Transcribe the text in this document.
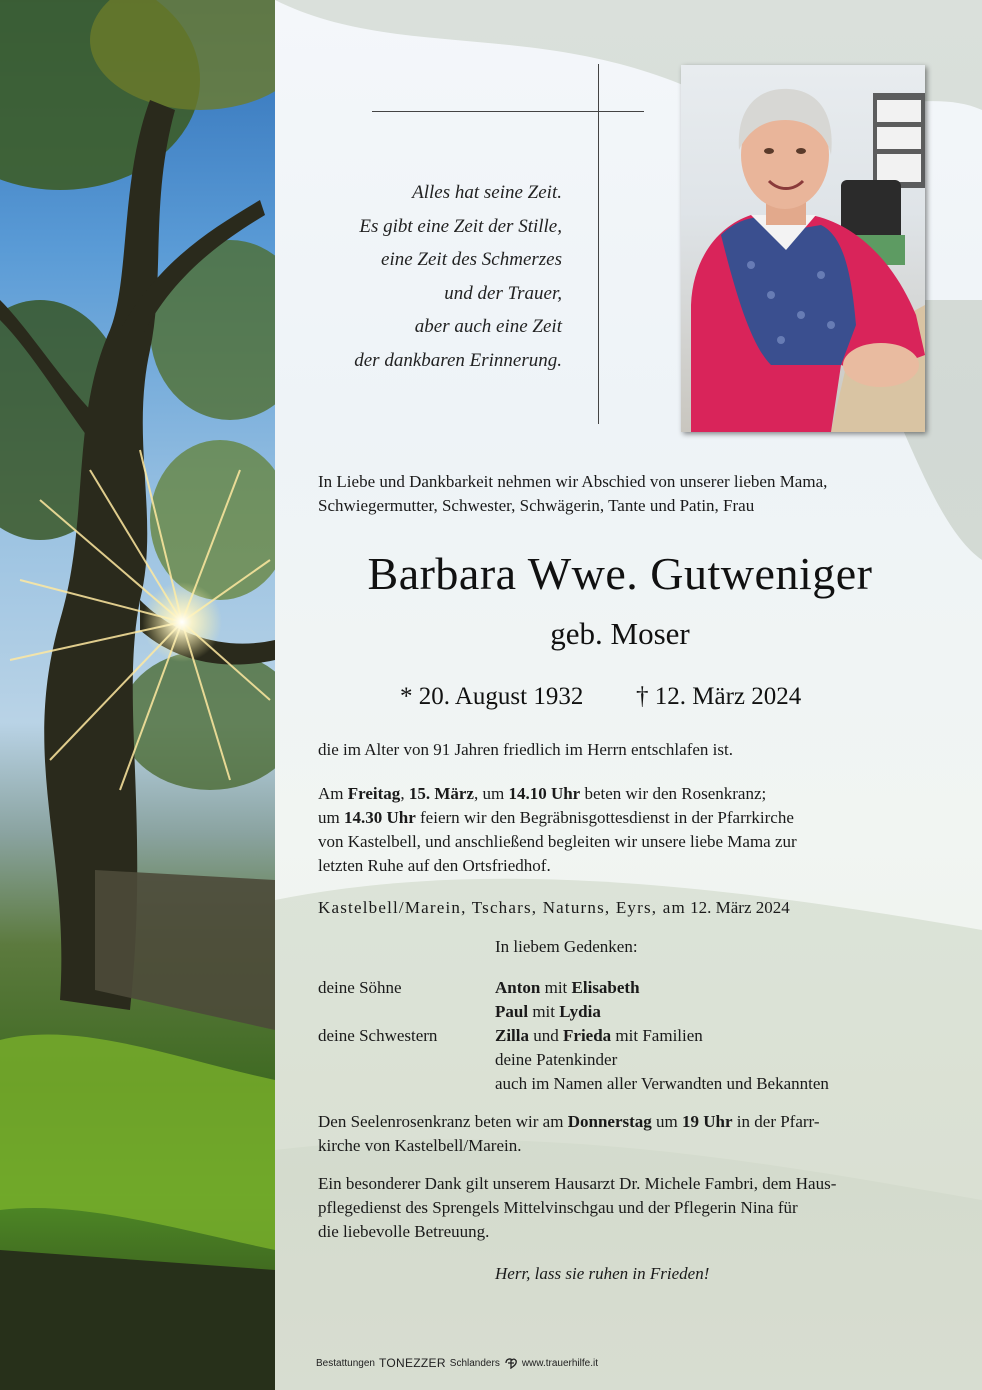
Alles hat seine Zeit.
Es gibt eine Zeit der Stille,
eine Zeit des Schmerzes
und der Trauer,
aber auch eine Zeit
der dankbaren Erinnerung.
In Liebe und Dankbarkeit nehmen wir Abschied von unserer lieben Mama,
Schwiegermutter, Schwester, Schwägerin, Tante und Patin, Frau
Barbara Wwe. Gutweniger
geb. Moser
* 20. August 1932 † 12. März 2024
die im Alter von 91 Jahren friedlich im Herrn entschlafen ist.
Am Freitag, 15. März, um 14.10 Uhr beten wir den Rosenkranz;
um 14.30 Uhr feiern wir den Begräbnisgottesdienst in der Pfarrkirche
von Kastelbell, und anschließend begleiten wir unsere liebe Mama zur
letzten Ruhe auf den Ortsfriedhof.
Kastelbell/Marein, Tschars, Naturns, Eyrs, am 12. März 2024
In liebem Gedenken:
deine Söhne
deine Schwestern
Anton mit Elisabeth
Paul mit Lydia
Zilla und Frieda mit Familien
deine Patenkinder
auch im Namen aller Verwandten und Bekannten
Den Seelenrosenkranz beten wir am Donnerstag um 19 Uhr in der Pfarr-
kirche von Kastelbell/Marein.
Ein besonderer Dank gilt unserem Hausarzt Dr. Michele Fambri, dem Haus-
pflegedienst des Sprengels Mittelvinschgau und der Pflegerin Nina für
die liebevolle Betreuung.
Herr, lass sie ruhen in Frieden!
Bestattungen TONEZZER Schlanders www.trauerhilfe.it
